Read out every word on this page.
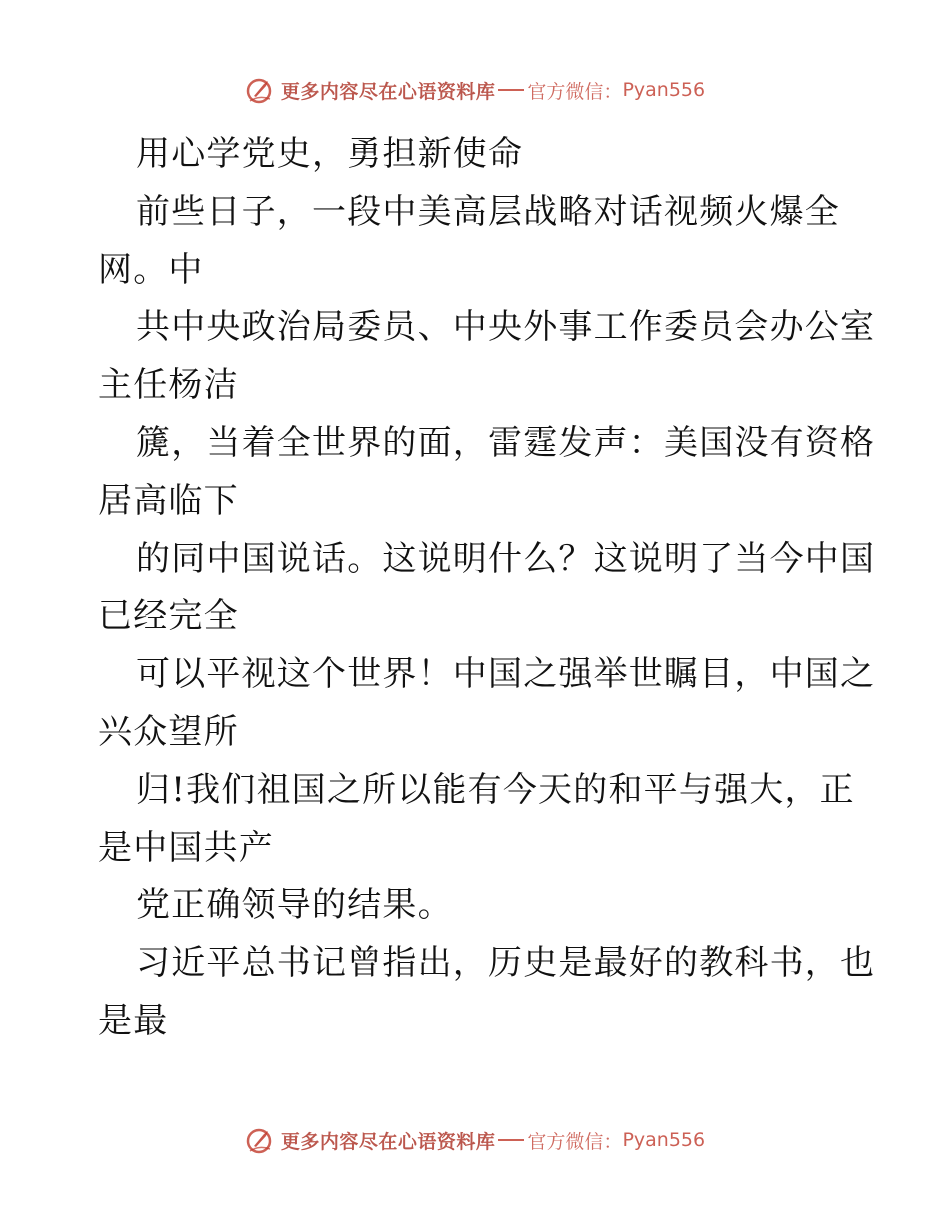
更多内容尽在心语资料库 官方微信： Pyan556
用心学党史，勇担新使命
前些日子，一段中美高层战略对话视频火爆全
网。中
共中央政治局委员、中央外事工作委员会办公室
主任杨洁
篪，当着全世界的面，雷霆发声：美国没有资格
居高临下
的同中国说话。这说明什么？这说明了当今中国
已经完全
可以平视这个世界！中国之强举世瞩目，中国之
兴众望所
归!我们祖国之所以能有今天的和平与强大，正
是中国共产
党正确领导的结果。
习近平总书记曾指出，历史是最好的教科书，也
是最
更多内容尽在心语资料库 官方微信： Pyan556
